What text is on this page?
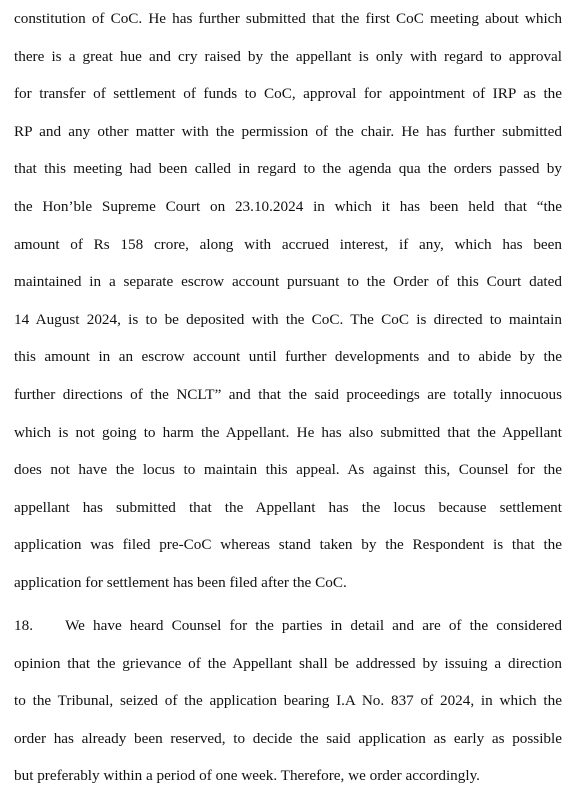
constitution of CoC. He has further submitted that the first CoC meeting about which
there is a great hue and cry raised by the appellant is only with regard to approval
for transfer of settlement of funds to CoC, approval for appointment of IRP as the
RP and any other matter with the permission of the chair. He has further submitted
that this meeting had been called in regard to the agenda qua the orders passed by
the Hon’ble Supreme Court on 23.10.2024 in which it has been held that “the
amount of Rs 158 crore, along with accrued interest, if any, which has been
maintained in a separate escrow account pursuant to the Order of this Court dated
14 August 2024, is to be deposited with the CoC. The CoC is directed to maintain
this amount in an escrow account until further developments and to abide by the
further directions of the NCLT” and that the said proceedings are totally innocuous
which is not going to harm the Appellant. He has also submitted that the Appellant
does not have the locus to maintain this appeal. As against this, Counsel for the
appellant has submitted that the Appellant has the locus because settlement
application was filed pre-CoC whereas stand taken by the Respondent is that the
application for settlement has been filed after the CoC.
18.    We have heard Counsel for the parties in detail and are of the considered
opinion that the grievance of the Appellant shall be addressed by issuing a direction
to the Tribunal, seized of the application bearing I.A No. 837 of 2024, in which the
order has already been reserved, to decide the said application as early as possible
but preferably within a period of one week. Therefore, we order accordingly.
